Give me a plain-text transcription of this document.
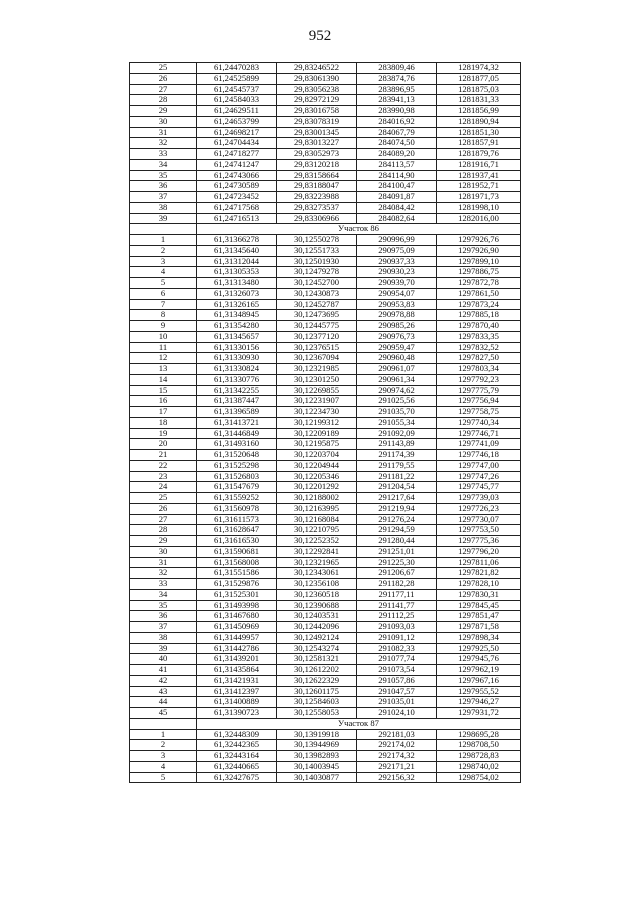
952
25	61,24470283	29,83246522	283809,46	1281974,32
26	61,24525899	29,83061390	283874,76	1281877,05
27	61,24545737	29,83056238	283896,95	1281875,03
28	61,24584033	29,82972129	283941,13	1281831,33
29	61,24629511	29,83016758	283990,98	1281856,99
30	61,24653799	29,83078319	284016,92	1281890,94
31	61,24698217	29,83001345	284067,79	1281851,30
32	61,24704434	29,83013227	284074,50	1281857,91
33	61,24718277	29,83052973	284089,20	1281879,76
34	61,24741247	29,83120218	284113,57	1281916,71
35	61,24743066	29,83158664	284114,90	1281937,41
36	61,24730589	29,83188047	284100,47	1281952,71
37	61,24723452	29,83223988	284091,87	1281971,73
38	61,24717568	29,83273537	284084,42	1281998,10
39	61,24716513	29,83306966	284082,64	1282016,00
	Участок 86			
1	61,31366278	30,12550278	290996,99	1297926,76
2	61,31345640	30,12551733	290975,09	1297926,90
3	61,31312044	30,12501930	290937,33	1297899,10
4	61,31305353	30,12479278	290930,23	1297886,75
5	61,31313480	30,12452700	290939,70	1297872,78
6	61,31326073	30,12430873	290954,07	1297861,50
7	61,31326165	30,12452787	290953,83	1297873,24
8	61,31348945	30,12473695	290978,88	1297885,18
9	61,31354280	30,12445775	290985,26	1297870,40
10	61,31345657	30,12377120	290976,73	1297833,35
11	61,31330156	30,12376515	290959,47	1297832,52
12	61,31330930	30,12367094	290960,48	1297827,50
13	61,31330824	30,12321985	290961,07	1297803,34
14	61,31330776	30,12301250	290961,34	1297792,23
15	61,31342255	30,12269855	290974,62	1297775,79
16	61,31387447	30,12231907	291025,56	1297756,94
17	61,31396589	30,12234730	291035,70	1297758,75
18	61,31413721	30,12199312	291055,34	1297740,34
19	61,31446849	30,12209189	291092,09	1297746,71
20	61,31493160	30,12195875	291143,89	1297741,09
21	61,31520648	30,12203704	291174,39	1297746,18
22	61,31525298	30,12204944	291179,55	1297747,00
23	61,31526803	30,12205346	291181,22	1297747,26
24	61,31547679	30,12201292	291204,54	1297745,77
25	61,31559252	30,12188002	291217,64	1297739,03
26	61,31560978	30,12163995	291219,94	1297726,23
27	61,31611573	30,12168084	291276,24	1297730,07
28	61,31628647	30,12210795	291294,59	1297753,50
29	61,31616530	30,12252352	291280,44	1297775,36
30	61,31590681	30,12292841	291251,01	1297796,20
31	61,31568008	30,12321965	291225,30	1297811,06
32	61,31551586	30,12343061	291206,67	1297821,82
33	61,31529876	30,12356108	291182,28	1297828,10
34	61,31525301	30,12360518	291177,11	1297830,31
35	61,31493998	30,12390688	291141,77	1297845,45
36	61,31467680	30,12403531	291112,25	1297851,47
37	61,31450969	30,12442096	291093,03	1297871,58
38	61,31449957	30,12492124	291091,12	1297898,34
39	61,31442786	30,12543274	291082,33	1297925,50
40	61,31439201	30,12581321	291077,74	1297945,76
41	61,31435864	30,12612202	291073,54	1297962,19
42	61,31421931	30,12622329	291057,86	1297967,16
43	61,31412397	30,12601175	291047,57	1297955,52
44	61,31400889	30,12584603	291035,01	1297946,27
45	61,31390723	30,12558053	291024,10	1297931,72
	Участок 87			
1	61,32448309	30,13919918	292181,03	1298695,28
2	61,32442365	30,13944969	292174,02	1298708,50
3	61,32443164	30,13982893	292174,32	1298728,83
4	61,32440665	30,14003945	292171,21	1298740,02
5	61,32427675	30,14030877	292156,32	1298754,02
